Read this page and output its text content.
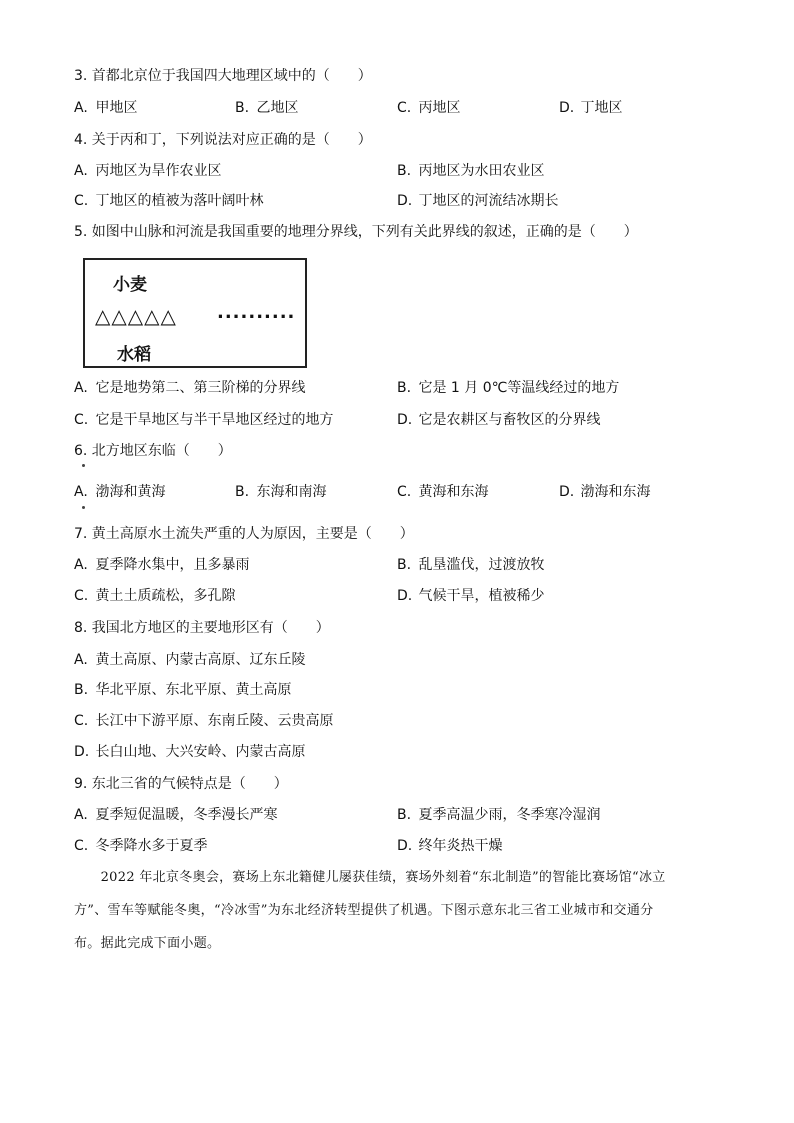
3. 首都北京位于我国四大地理区域中的（　　）
A. 甲地区	B. 乙地区	C. 丙地区	D. 丁地区
4. 关于丙和丁，下列说法对应正确的是（　　）
A. 丙地区为旱作农业区	B. 丙地区为水田农业区
C. 丁地区的植被为落叶阔叶林	D. 丁地区的河流结冰期长
5. 如图中山脉和河流是我国重要的地理分界线，下列有关此界线的叙述，正确的是（　　）
小麦
△△△△△ ..........
水稻
A. 它是地势第二、第三阶梯的分界线	B. 它是 1 月 0℃等温线经过的地方
C. 它是干旱地区与半干旱地区经过的地方	D. 它是农耕区与畜牧区的分界线
6. 北方地区东临（　　）
A. 渤海和黄海	B. 东海和南海	C. 黄海和东海	D. 渤海和东海
7. 黄土高原水土流失严重的人为原因，主要是（　　）
A. 夏季降水集中，且多暴雨	B. 乱垦滥伐，过渡放牧
C. 黄土土质疏松，多孔隙	D. 气候干旱，植被稀少
8. 我国北方地区的主要地形区有（　　）
A. 黄土高原、内蒙古高原、辽东丘陵
B. 华北平原、东北平原、黄土高原
C. 长江中下游平原、东南丘陵、云贵高原
D. 长白山地、大兴安岭、内蒙古高原
9. 东北三省的气候特点是（　　）
A. 夏季短促温暖，冬季漫长严寒	B. 夏季高温少雨，冬季寒冷湿润
C. 冬季降水多于夏季	D. 终年炎热干燥
　　2022 年北京冬奥会，赛场上东北籍健儿屡获佳绩，赛场外刻着“东北制造”的智能比赛场馆“冰立
方”、雪车等赋能冬奥，“冷冰雪”为东北经济转型提供了机遇。下图示意东北三省工业城市和交通分
布。据此完成下面小题。
